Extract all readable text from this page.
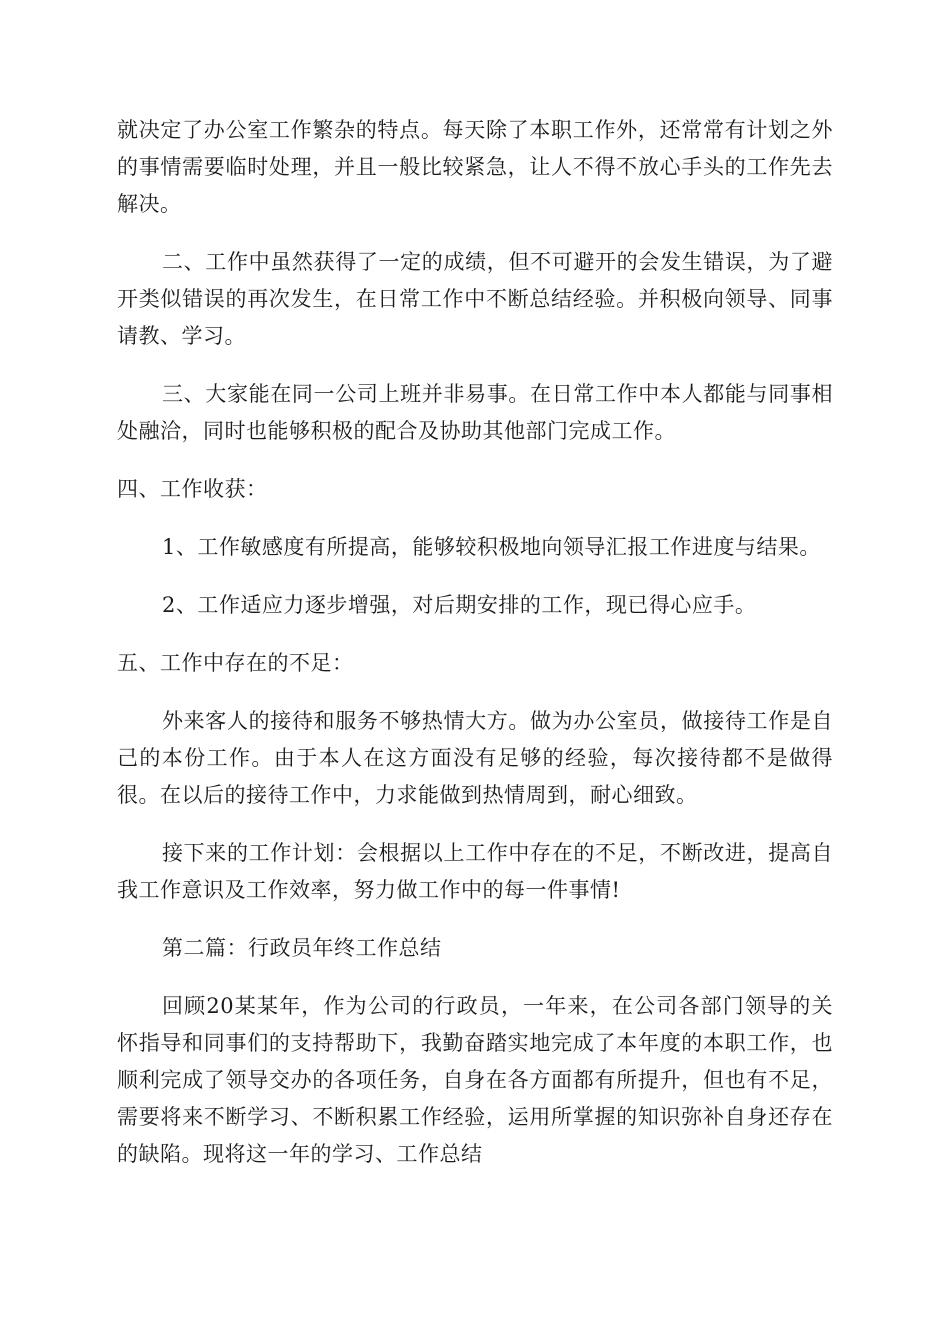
就决定了办公室工作繁杂的特点。每天除了本职工作外，还常常有计划之外的事情需要临时处理，并且一般比较紧急，让人不得不放心手头的工作先去解决。

二、工作中虽然获得了一定的成绩，但不可避开的会发生错误，为了避开类似错误的再次发生，在日常工作中不断总结经验。并积极向领导、同事请教、学习。

三、大家能在同一公司上班并非易事。在日常工作中本人都能与同事相处融洽，同时也能够积极的配合及协助其他部门完成工作。

四、工作收获：

1、工作敏感度有所提高，能够较积极地向领导汇报工作进度与结果。

2、工作适应力逐步增强，对后期安排的工作，现已得心应手。

五、工作中存在的不足：

外来客人的接待和服务不够热情大方。做为办公室员，做接待工作是自己的本份工作。由于本人在这方面没有足够的经验，每次接待都不是做得很。在以后的接待工作中，力求能做到热情周到，耐心细致。

接下来的工作计划：会根据以上工作中存在的不足，不断改进，提高自我工作意识及工作效率，努力做工作中的每一件事情!

第二篇：行政员年终工作总结

回顾20某某年，作为公司的行政员，一年来，在公司各部门领导的关怀指导和同事们的支持帮助下，我勤奋踏实地完成了本年度的本职工作，也顺利完成了领导交办的各项任务，自身在各方面都有所提升，但也有不足，需要将来不断学习、不断积累工作经验，运用所掌握的知识弥补自身还存在的缺陷。现将这一年的学习、工作总结
